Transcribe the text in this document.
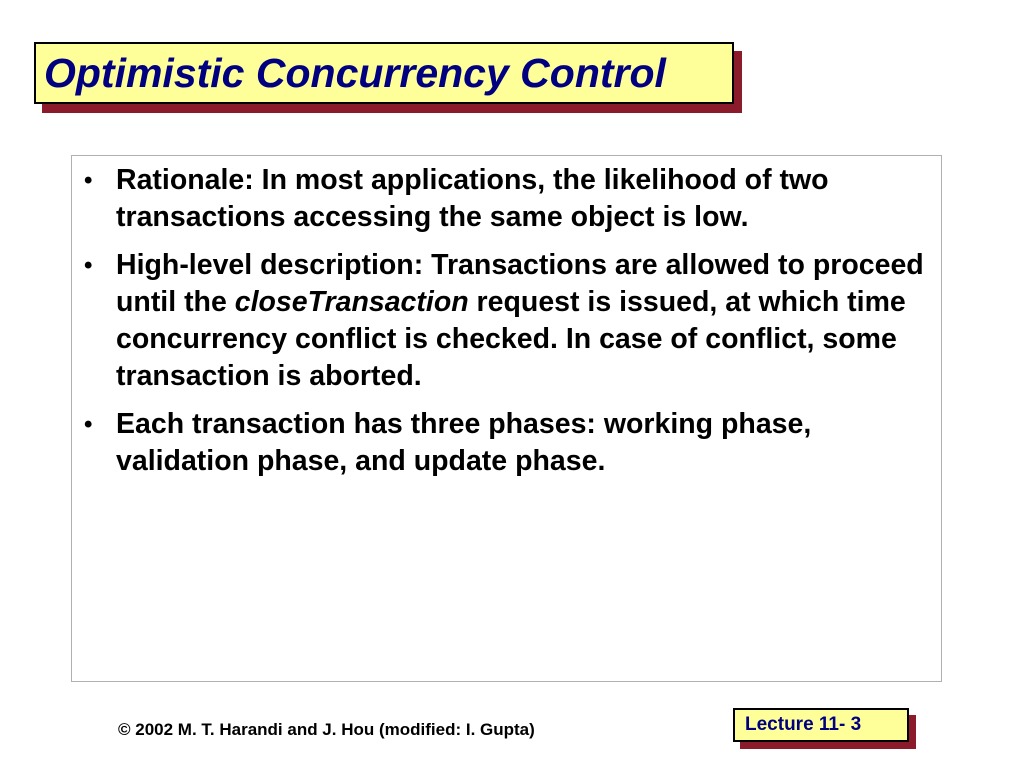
Optimistic Concurrency Control
• Rationale: In most applications, the likelihood of two transactions accessing the same object is low.
• High-level description: Transactions are allowed to proceed until the closeTransaction request is issued, at which time concurrency conflict is checked. In case of conflict, some transaction is aborted.
• Each transaction has three phases: working phase, validation phase, and update phase.
© 2002 M. T. Harandi and J. Hou (modified: I. Gupta)	Lecture 11- 3
